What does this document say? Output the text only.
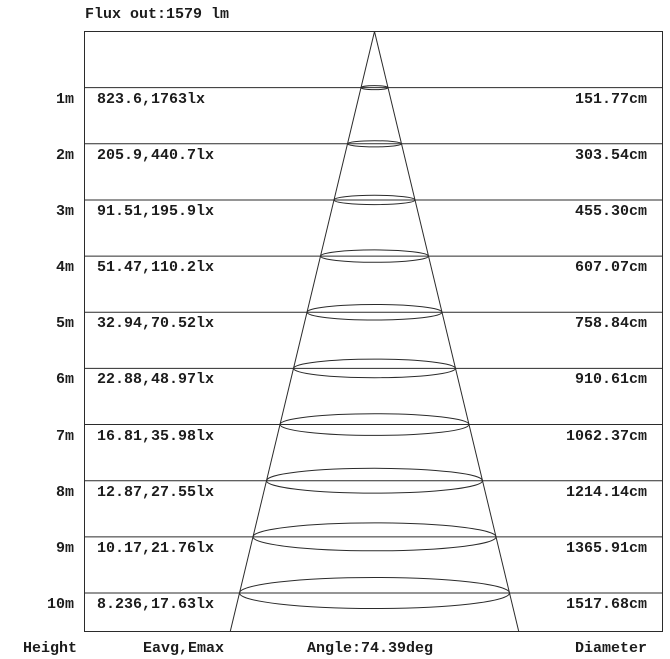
Flux out:1579 lm
1m 823.6,1763lx	151.77cm
2m 205.9,440.7lx	303.54cm
3m 91.51,195.9lx	455.30cm
4m 51.47,110.2lx	607.07cm
5m 32.94,70.52lx	758.84cm
6m 22.88,48.97lx	910.61cm
7m 16.81,35.98lx	1062.37cm
8m 12.87,27.55lx	1214.14cm
9m 10.17,21.76lx	1365.91cm
10m 8.236,17.63lx	1517.68cm
Height	Eavg,Emax	Angle:74.39deg	Diameter
